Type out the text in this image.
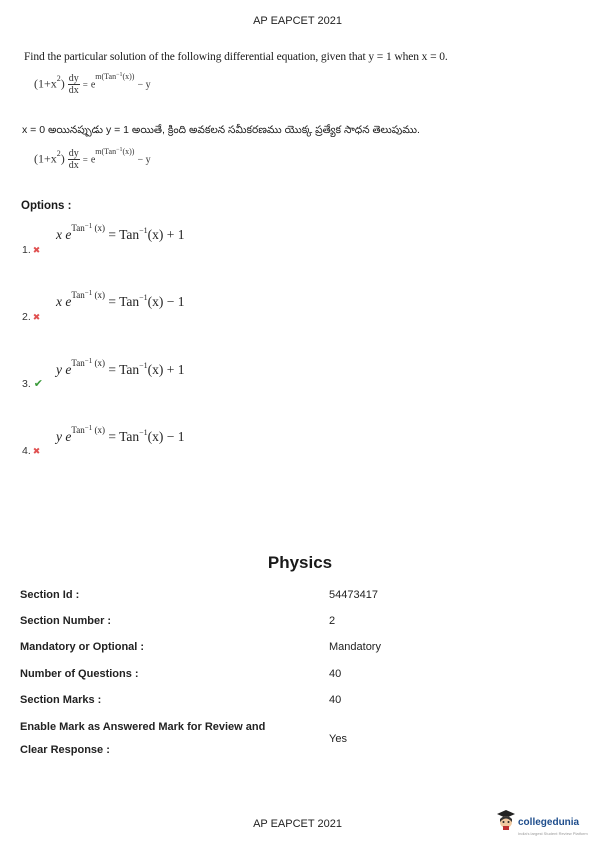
AP EAPCET 2021
Find the particular solution of the following differential equation, given that y = 1 when x = 0.
$(1+x^2) \frac{dy}{dx} = e^{m(Tan^{-1}(x))} - y$
x = 0 అయినప్పుడు y = 1 అయితే, క్రింది అవకలన సమీకరణము యొక్క ప్రత్యేక సాధన తెలుపుము.
$(1+x^2) \frac{dy}{dx} = e^{m(Tan^{-1}(x))} - y$
Options :
x $e^{Tan^{-1} (x)} = Tan^{-1}(x) + 1$
1. ✖
x $e^{Tan^{-1} (x)} = Tan^{-1}(x) - 1$
2. ✖
y $e^{Tan^{-1} (x)} = Tan^{-1}(x) + 1$
3. ✔
y $e^{Tan^{-1} (x)} = Tan^{-1}(x) - 1$
4. ✖
Physics
Section Id :	54473417
Section Number :	2
Mandatory or Optional :	Mandatory
Number of Questions :	40
Section Marks :	40
Enable Mark as Answered Mark for Review and
Clear Response :
Yes
AP EAPCET 2021	collegedunia
India's largest Student Review Platform
